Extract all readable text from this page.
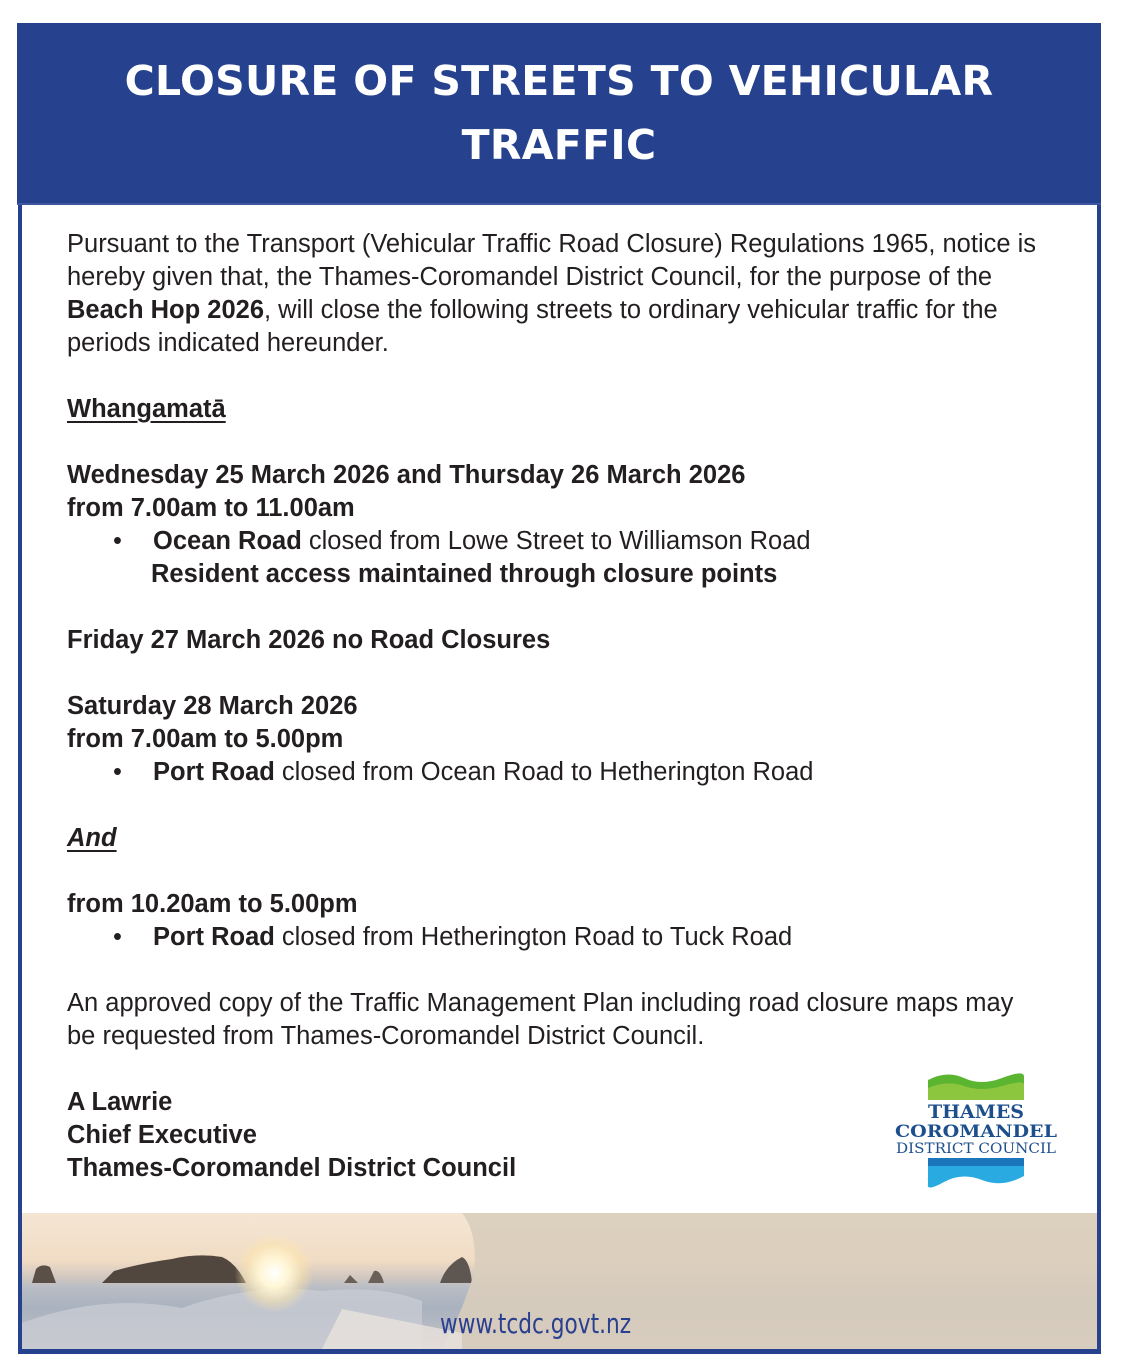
CLOSURE OF STREETS TO VEHICULAR TRAFFIC

Pursuant to the Transport (Vehicular Traffic Road Closure) Regulations 1965, notice is hereby given that, the Thames-Coromandel District Council, for the purpose of the Beach Hop 2026, will close the following streets to ordinary vehicular traffic for the periods indicated hereunder.

Whangamatā

Wednesday 25 March 2026 and Thursday 26 March 2026

from 7.00am to 11.00am

• Ocean Road closed from Lowe Street to Williamson Road
Resident access maintained through closure points

Friday 27 March 2026 no Road Closures

Saturday 28 March 2026

from 7.00am to 5.00pm

• Port Road closed from Ocean Road to Hetherington Road

And

from 10.20am to 5.00pm

• Port Road closed from Hetherington Road to Tuck Road

An approved copy of the Traffic Management Plan including road closure maps may be requested from Thames-Coromandel District Council.

A Lawrie

Chief Executive

Thames-Coromandel District Council

THAMES
COROMANDEL
DISTRICT COUNCIL
www.tcdc.govt.nz
